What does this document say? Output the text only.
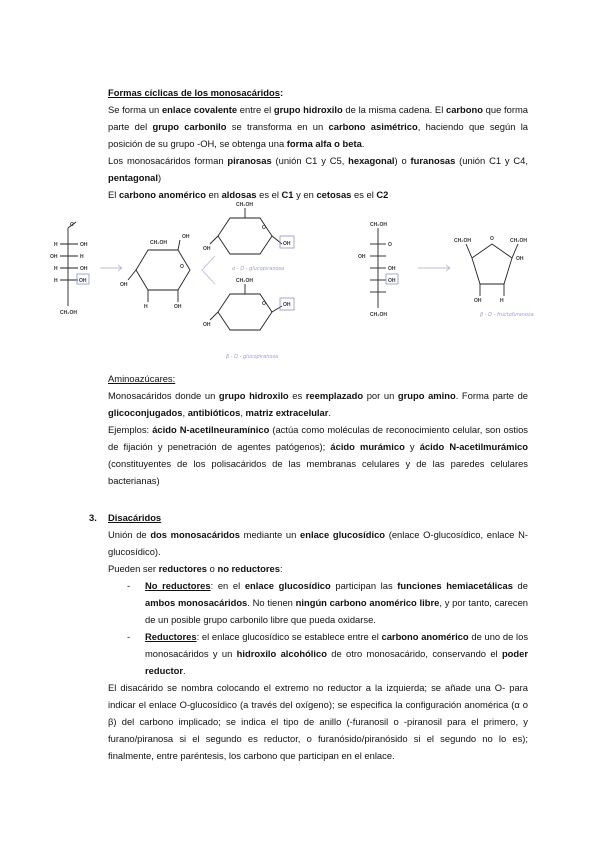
Formas cíclicas de los monosacáridos:

Se forma un enlace covalente entre el grupo hidroxilo de la misma cadena. El carbono que forma parte del grupo carbonilo se transforma en un carbono asimétrico, haciendo que según la posición de su grupo -OH, se obtenga una forma alfa o beta.

Los monosacáridos forman piranosas (unión C1 y C5, hexagonal) o furanosas (unión C1 y C4, pentagonal)

El carbono anomérico en aldosas es el C1 y en cetosas es el C2

O
H	OH
H
OH
OH
H
OH
H
CH₂OH
CH₂OH
OH
OH
H	OH
O
CH₂OH
O
OH
OH
CH₂OH
O
OH
OH
CH₂OH
O
OH
OH
OH
CH₂OH
CH₂OH	CH₂OH
O
OH
OH	H
α - D - glucopiranosa
β - D - glucopiranosa
β - D - fructofuranosa

Aminoazúcares:

Monosacáridos donde un grupo hidroxilo es reemplazado por un grupo amino. Forma parte de glicoconjugados, antibióticos, matriz extracelular.

Ejemplos: ácido N-acetilneuramínico (actúa como moléculas de reconocimiento celular, son ostios de fijación y penetración de agentes patógenos); ácido murámico y ácido N-acetilmurámico (constituyentes de los polisacáridos de las membranas celulares y de las paredes celulares bacterianas)

3. Disacáridos

Unión de dos monosacáridos mediante un enlace glucosídico (enlace O-glucosídico, enlace N-glucosídico).

Pueden ser reductores o no reductores:

- No reductores: en el enlace glucosídico participan las funciones hemiacetálicas de ambos monosacáridos. No tienen ningún carbono anomérico libre, y por tanto, carecen de un posible grupo carbonilo libre que pueda oxidarse.

- Reductores: el enlace glucosídico se establece entre el carbono anomérico de uno de los monosacáridos y un hidroxilo alcohólico de otro monosacárido, conservando el poder reductor.

El disacárido se nombra colocando el extremo no reductor a la izquierda; se añade una O- para indicar el enlace O-glucosídico (a través del oxígeno); se especifica la configuración anomérica (α o β) del carbono implicado; se indica el tipo de anillo (-furanosil o -piranosil para el primero, y furano/piranosa si el segundo es reductor, o furanósido/piranósido si el segundo no lo es); finalmente, entre paréntesis, los carbono que participan en el enlace.
